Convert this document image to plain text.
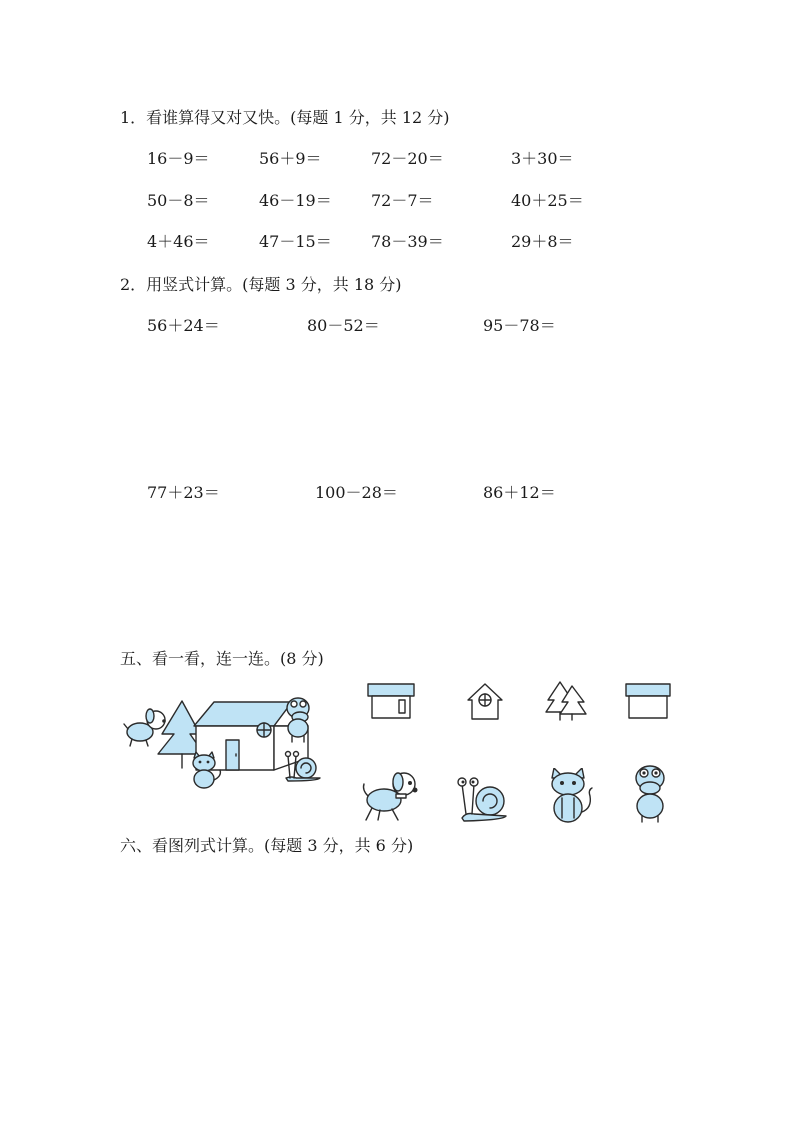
1．看谁算得又对又快。(每题 1 分，共 12 分)
16－9＝	56＋9＝	72－20＝	3＋30＝
50－8＝	46－19＝ 72－7＝	40＋25＝
4＋46＝	47－15＝ 78－39＝	29＋8＝
2．用竖式计算。(每题 3 分，共 18 分)
56＋24＝	80－52＝	95－78＝
77＋23＝	100－28＝	86＋12＝
五、看一看，连一连。(8 分)
六、看图列式计算。(每题 3 分，共 6 分)
